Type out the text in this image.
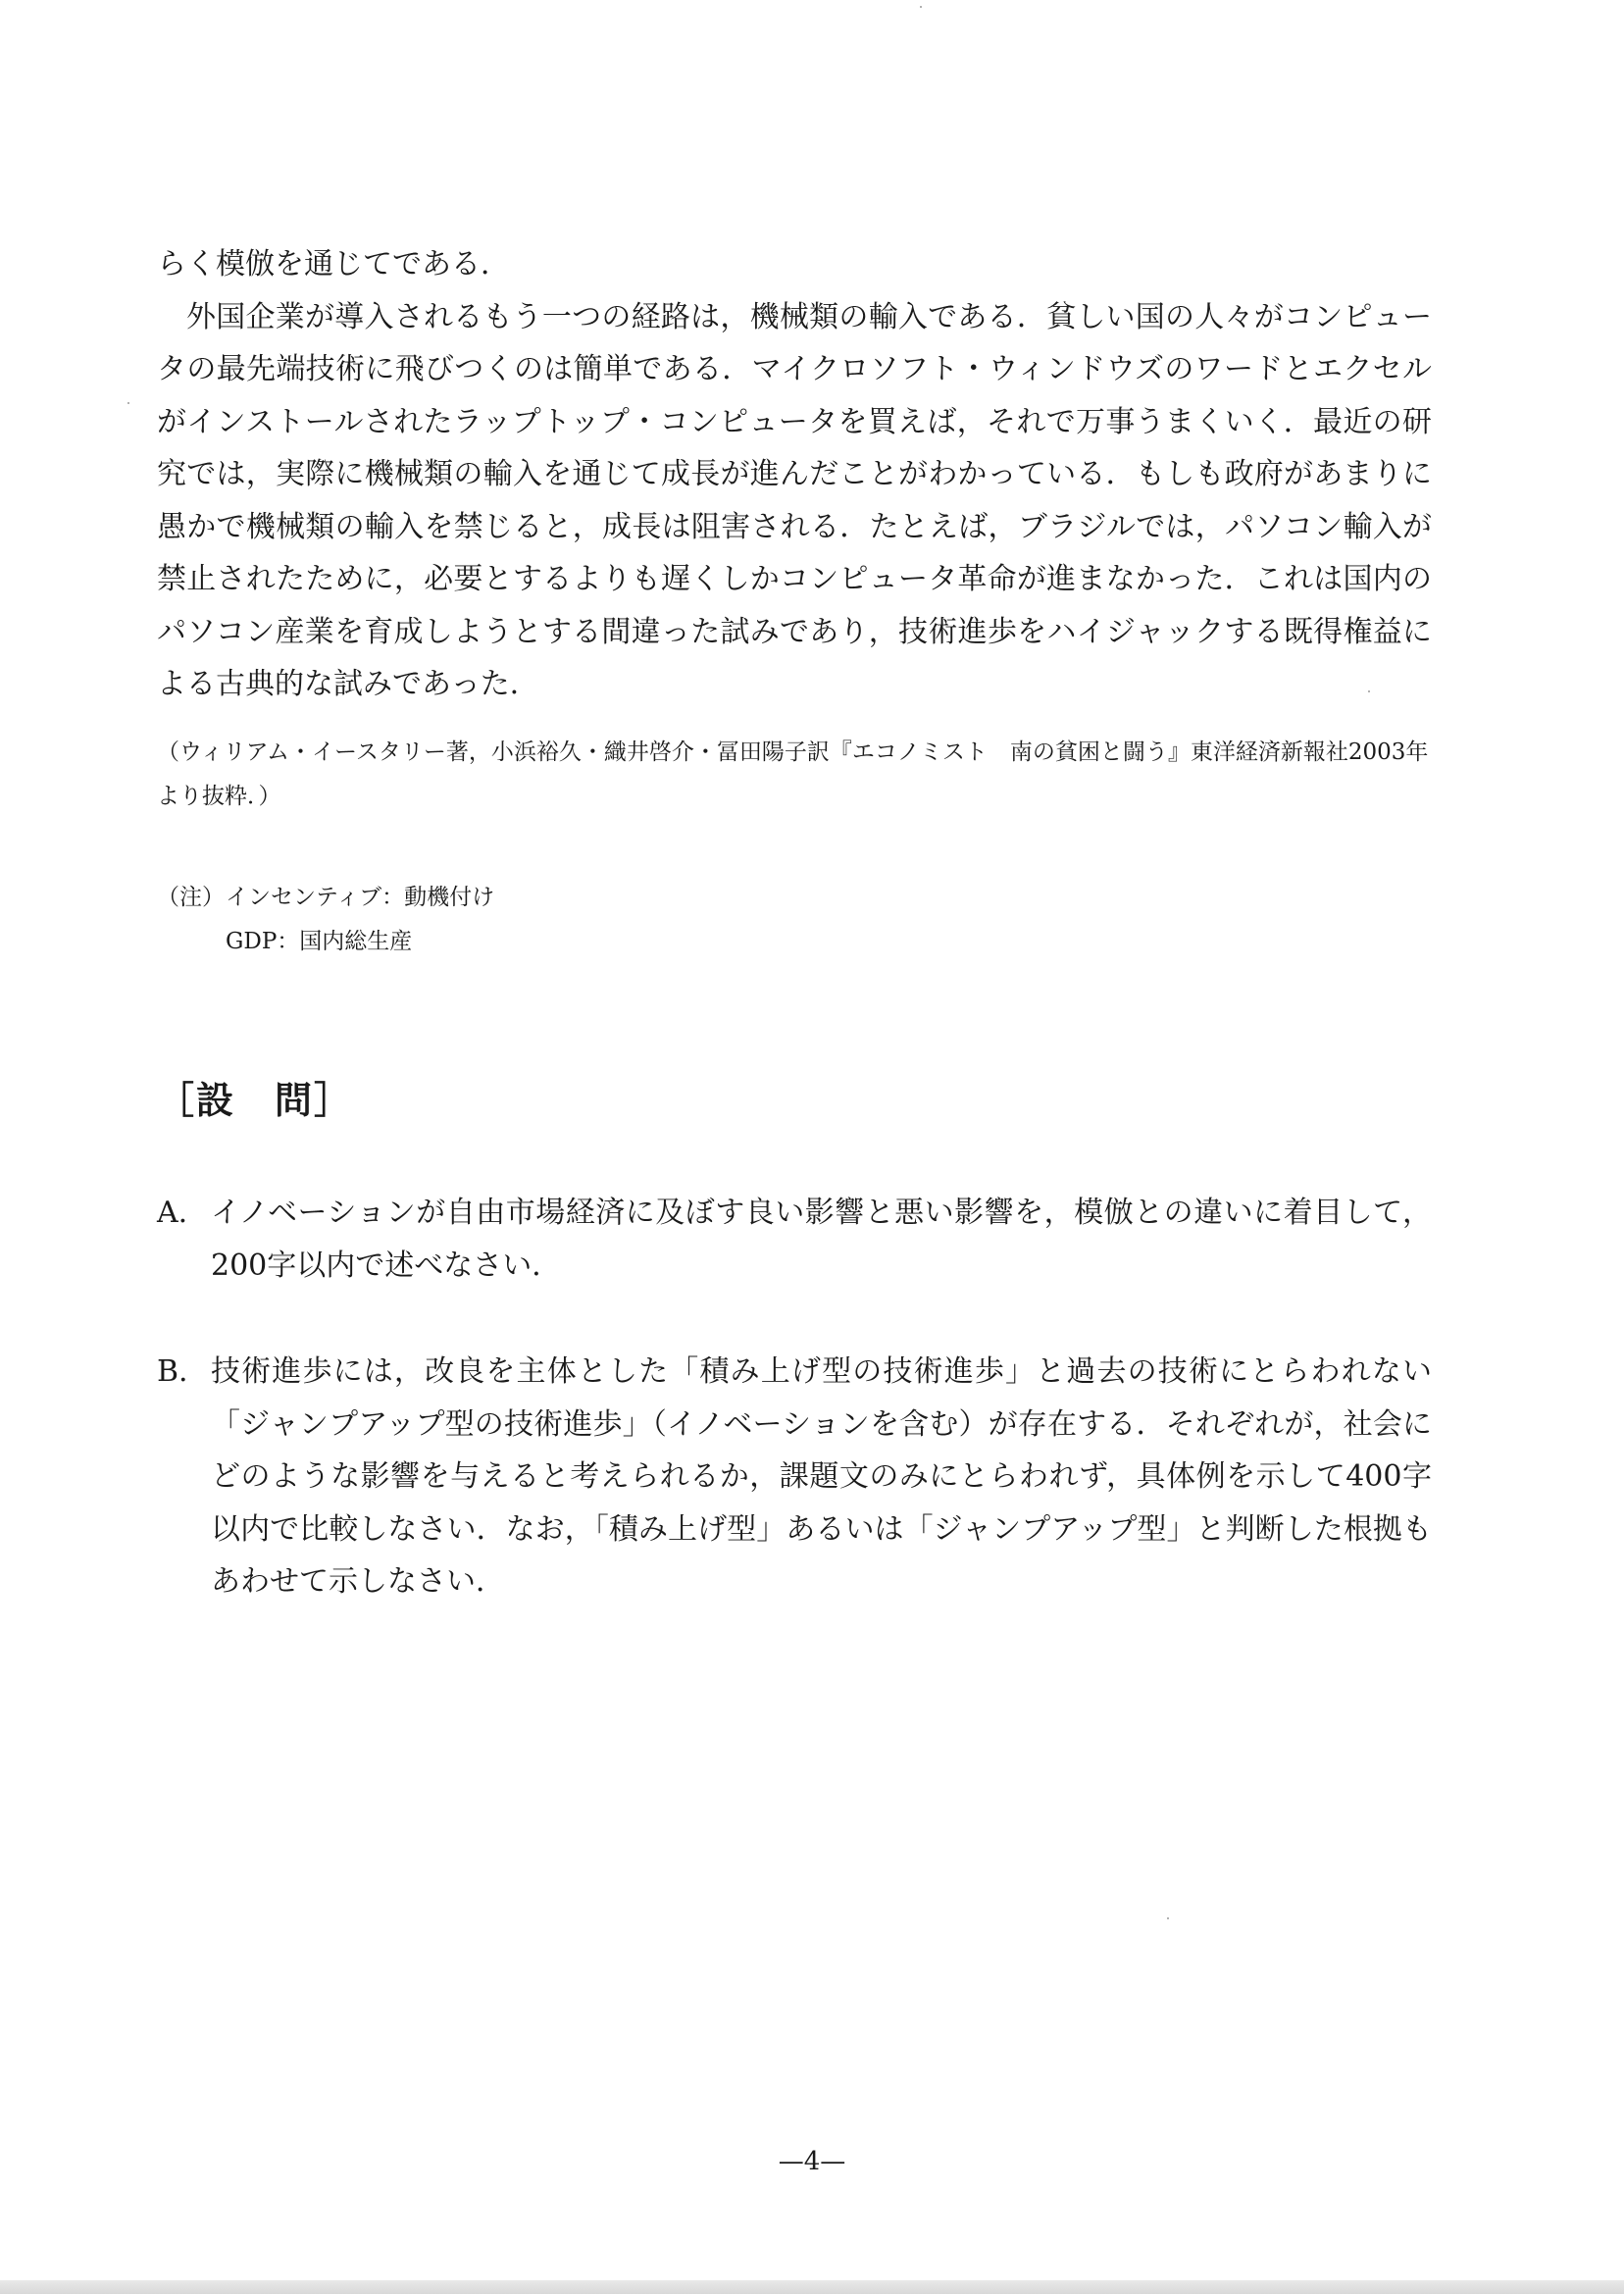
らく模倣を通じてである．

外国企業が導入されるもう一つの経路は，機械類の輸入である．貧しい国の人々がコンピュータの最先端技術に飛びつくのは簡単である．マイクロソフト・ウィンドウズのワードとエクセルがインストールされたラップトップ・コンピュータを買えば，それで万事うまくいく．最近の研究では，実際に機械類の輸入を通じて成長が進んだことがわかっている．もしも政府があまりに愚かで機械類の輸入を禁じると，成長は阻害される．たとえば，ブラジルでは，パソコン輸入が禁止されたために，必要とするよりも遅くしかコンピュータ革命が進まなかった．これは国内のパソコン産業を育成しようとする間違った試みであり，技術進歩をハイジャックする既得権益による古典的な試みであった．

（ウィリアム・イースタリー著，小浜裕久・織井啓介・冨田陽子訳『エコノミスト　南の貧困と闘う』東洋経済新報社2003年より抜粋．）

（注） インセンティブ：動機付け
GDP：国内総生産
［設　問］
A. イノベーションが自由市場経済に及ぼす良い影響と悪い影響を，模倣との違いに着目して，200字以内で述べなさい．
B. 技術進歩には，改良を主体とした「積み上げ型の技術進歩」と過去の技術にとらわれない「ジャンプアップ型の技術進歩」（イノベーションを含む）が存在する．それぞれが，社会にどのような影響を与えると考えられるか，課題文のみにとらわれず，具体例を示して400字以内で比較しなさい．なお，「積み上げ型」あるいは「ジャンプアップ型」と判断した根拠もあわせて示しなさい．
—4—
